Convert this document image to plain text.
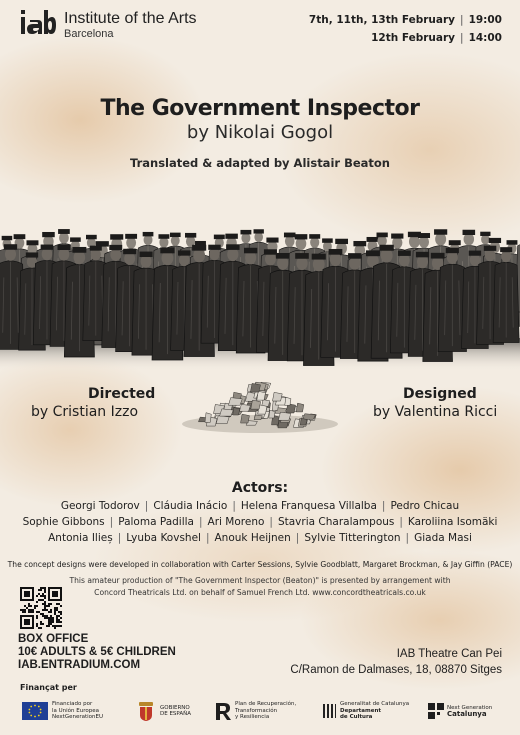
Institute of the Arts
Barcelona
7th, 11th, 13th February | 19:00
12th February | 14:00
The Government Inspector
by Nikolai Gogol
Translated & adapted by Alistair Beaton
Directed
by Cristian Izzo
Designed
by Valentina Ricci
Actors:
Georgi Todorov | Cláudia Inácio | Helena Franquesa Villalba | Pedro Chicau
Sophie Gibbons | Paloma Padilla | Ari Moreno | Stavria Charalampous | Karoliina Isomäki
Antonia Ilieș | Lyuba Kovshel | Anouk Heijnen | Sylvie Titterington | Giada Masi
The concept designs were developed in collaboration with Carter Sessions, Sylvie Goodblatt, Margaret Brockman, & Jay Giffin (PACE)
This amateur production of "The Government Inspector (Beaton)" is presented by arrangement with
Concord Theatricals Ltd. on behalf of Samuel French Ltd. www.concordtheatricals.co.uk
BOX OFFICE
10€ ADULTS & 5€ CHILDREN
IAB.ENTRADIUM.COM
IAB Theatre Can Pei
C/Ramon de Dalmases, 18, 08870 Sitges
Finançat per
Financiado por
la Unión Europea
NextGenerationEU
GOBIERNO
DE ESPAÑA
Plan de Recuperación,
Transformación
y Resiliencia
Generalitat de Catalunya
Departament
de Cultura
Next Generation
Catalunya
